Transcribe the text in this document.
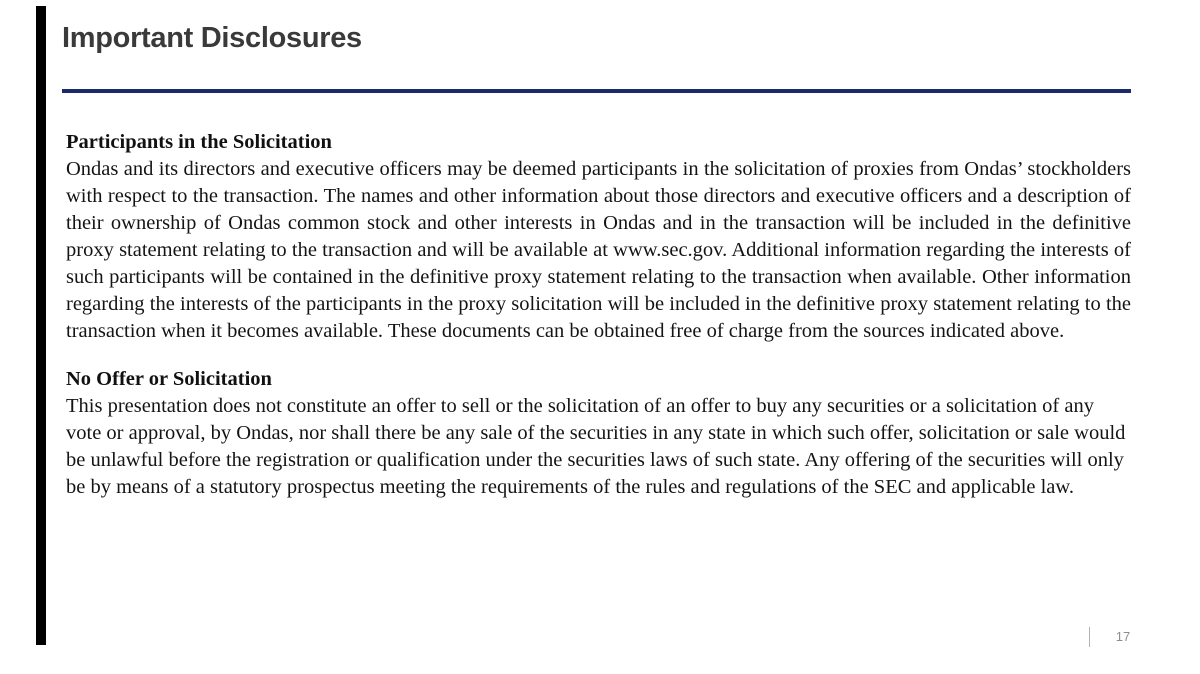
Important Disclosures
Participants in the Solicitation

Ondas and its directors and executive officers may be deemed participants in the solicitation of proxies from Ondas’ stockholders with respect to the transaction. The names and other information about those directors and executive officers and a description of their ownership of Ondas common stock and other interests in Ondas and in the transaction will be included in the definitive proxy statement relating to the transaction and will be available at www.sec.gov. Additional information regarding the interests of such participants will be contained in the definitive proxy statement relating to the transaction when available. Other information regarding the interests of the participants in the proxy solicitation will be included in the definitive proxy statement relating to the transaction when it becomes available. These documents can be obtained free of charge from the sources indicated above.

No Offer or Solicitation

This presentation does not constitute an offer to sell or the solicitation of an offer to buy any securities or a solicitation of any vote or approval, by Ondas, nor shall there be any sale of the securities in any state in which such offer, solicitation or sale would be unlawful before the registration or qualification under the securities laws of such state. Any offering of the securities will only be by means of a statutory prospectus meeting the requirements of the rules and regulations of the SEC and applicable law.

17
